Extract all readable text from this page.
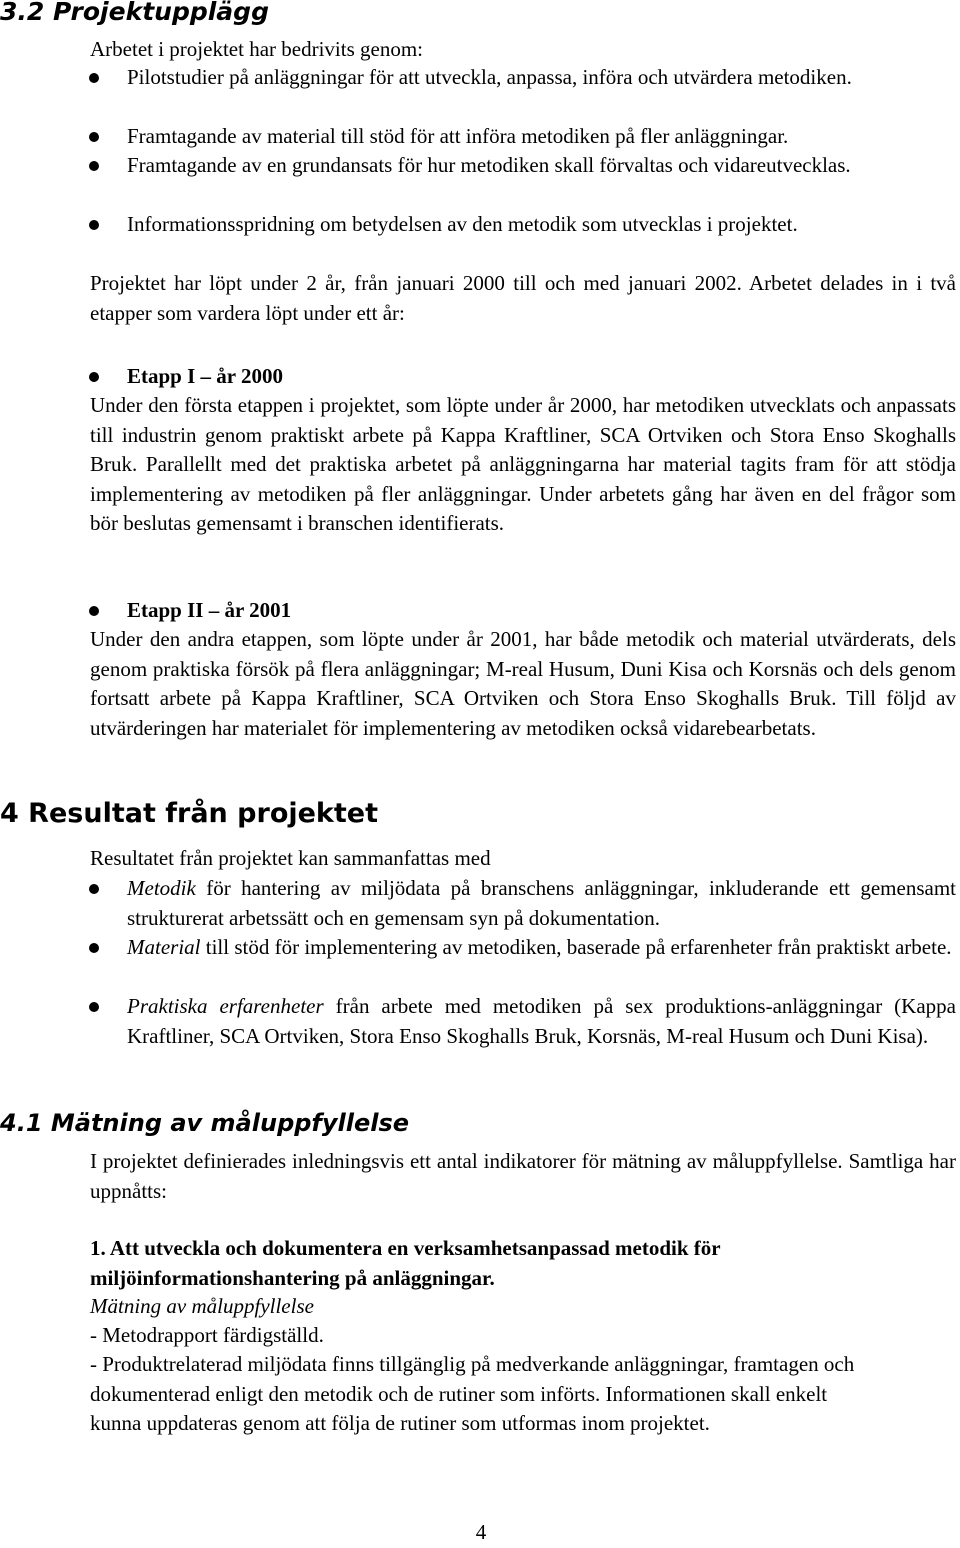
3.2 Projektupplägg
Arbetet i projektet har bedrivits genom:
Pilotstudier på anläggningar för att utveckla, anpassa, införa och utvärdera metodiken.
Framtagande av material till stöd för att införa metodiken på fler anläggningar.
Framtagande av en grundansats för hur metodiken skall förvaltas och vidareutvecklas.
Informationsspridning om betydelsen av den metodik som utvecklas i projektet.
Projektet har löpt under 2 år, från januari 2000 till och med januari 2002. Arbetet delades in i två etapper som vardera löpt under ett år:
Etapp I – år 2000
Under den första etappen i projektet, som löpte under år 2000, har metodiken utvecklats och anpassats till industrin genom praktiskt arbete på Kappa Kraftliner, SCA Ortviken och Stora Enso Skoghalls Bruk. Parallellt med det praktiska arbetet på anläggningarna har material tagits fram för att stödja implementering av metodiken på fler anläggningar. Under arbetets gång har även en del frågor som bör beslutas gemensamt i branschen identifierats.
Etapp II – år 2001
Under den andra etappen, som löpte under år 2001, har både metodik och material utvärderats, dels genom praktiska försök på flera anläggningar; M-real Husum, Duni Kisa och Korsnäs och dels genom fortsatt arbete på Kappa Kraftliner, SCA Ortviken och Stora Enso Skoghalls Bruk. Till följd av utvärderingen har materialet för implementering av metodiken också vidarebearbetats.
4 Resultat från projektet
Resultatet från projektet kan sammanfattas med
Metodik för hantering av miljödata på branschens anläggningar, inkluderande ett gemensamt strukturerat arbetssätt och en gemensam syn på dokumentation.
Material till stöd för implementering av metodiken, baserade på erfarenheter från praktiskt arbete.
Praktiska erfarenheter från arbete med metodiken på sex produktions-anläggningar (Kappa Kraftliner, SCA Ortviken, Stora Enso Skoghalls Bruk, Korsnäs, M-real Husum och Duni Kisa).
4.1 Mätning av måluppfyllelse
I projektet definierades inledningsvis ett antal indikatorer för mätning av måluppfyllelse. Samtliga har uppnåtts:
1. Att utveckla och dokumentera en verksamhetsanpassad metodik för miljöinformationshantering på anläggningar.
Mätning av måluppfyllelse
- Metodrapport färdigställd.
- Produktrelaterad miljödata finns tillgänglig på medverkande anläggningar, framtagen och dokumenterad enligt den metodik och de rutiner som införts. Informationen skall enkelt kunna uppdateras genom att följa de rutiner som utformas inom projektet.
4
